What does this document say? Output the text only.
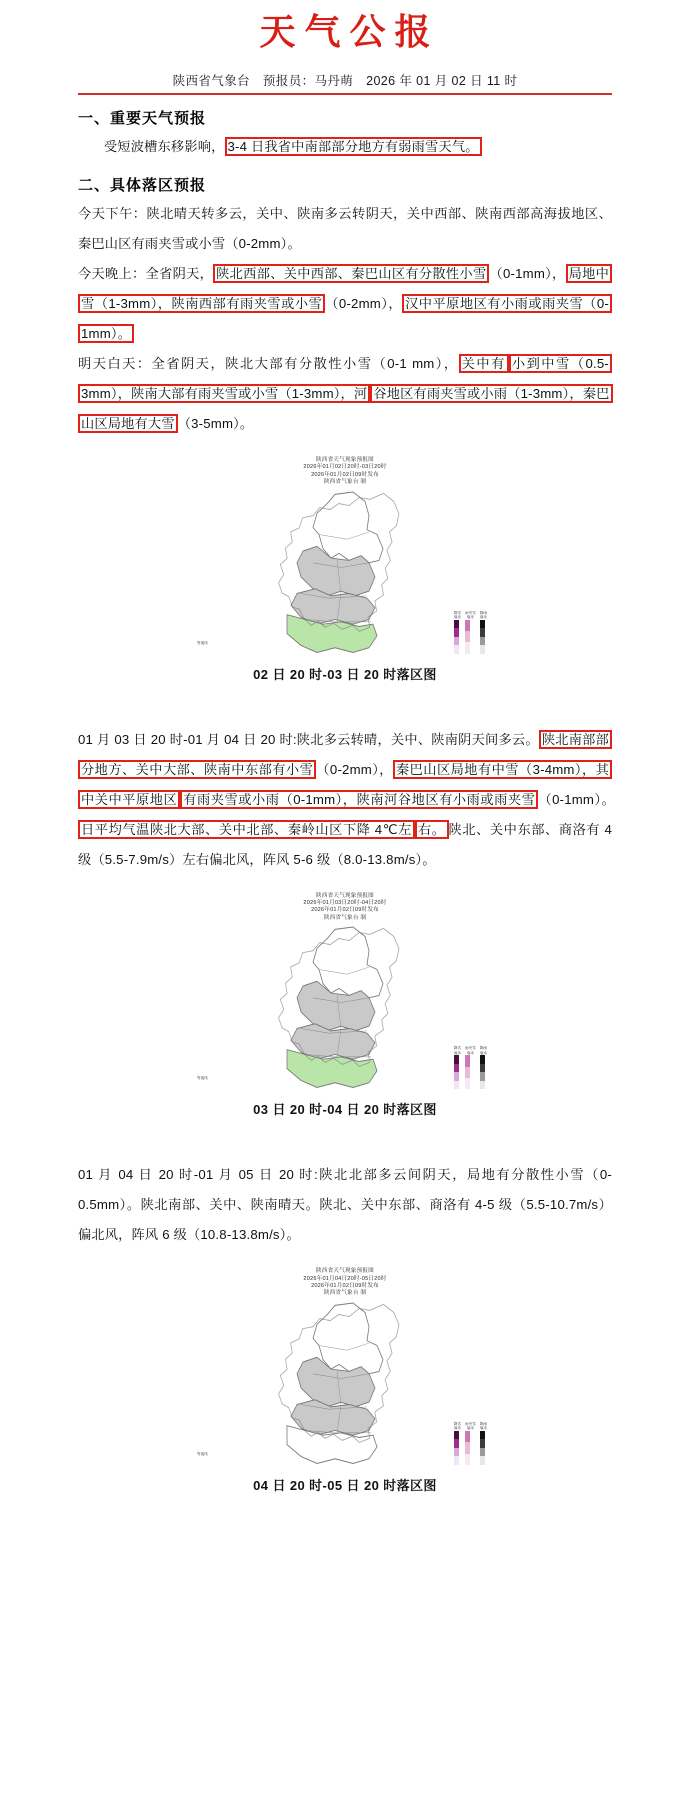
天气公报
陕西省气象台　预报员：马丹萌　2026 年 01 月 02 日 11 时
一、重要天气预报

受短波槽东移影响， 3-4 日我省中南部部分地方有弱雨雪天气。

二、具体落区预报

今天下午：陕北晴天转多云，关中、陕南多云转阴天，关中西部、陕南西部高海拔地区、秦巴山区有雨夹雪或小雪（0-2mm）。

今天晚上：全省阴天， 陕北西部、关中西部、秦巴山区有分散性小雪 （0-1mm）， 局地中雪（1-3mm），陕南西部有雨夹雪或小雪 （0-2mm）， 汉中平原地区有小雨或雨夹雪（0-1mm）。

明天白天：全省阴天，陕北大部有分散性小雪（0-1 mm）， 关中有 小到中雪（0.5-3mm），陕南大部有雨夹雪或小雪（1-3mm），河 谷地区有雨夹雪或小雨（1-3mm），秦巴山区局地有大雪 （3-5mm）。

陕西省天气现象预报图
2026年01月02日20时-03日20时
2026年01月02日09时发布
陕西省气象台 制
降雪
毫米
雨夹雪
毫米
降雨
毫米
等值线
02 日 20 时-03 日 20 时落区图

01 月 03 日 20 时-01 月 04 日 20 时:陕北多云转晴，关中、陕南阴天间多云。 陕北南部部分地方、关中大部、陕南中东部有小雪 （0-2mm）， 秦巴山区局地有中雪（3-4mm），其中关中平原地区 有雨夹雪或小雨（0-1mm），陕南河谷地区有小雨或雨夹雪 （0-1mm）。日平均气温陕北大部、关中北部、秦岭山区下降 4℃左 右。 陕北、关中东部、商洛有 4 级（5.5-7.9m/s）左右偏北风，阵风 5-6 级（8.0-13.8m/s）。

陕西省天气现象预报图
2026年01月03日20时-04日20时
2026年01月02日09时发布
陕西省气象台 制
降雪
毫米
雨夹雪
毫米
降雨
毫米
等值线
03 日 20 时-04 日 20 时落区图

01 月 04 日 20 时-01 月 05 日 20 时:陕北北部多云间阴天，局地有分散性小雪（0-0.5mm）。陕北南部、关中、陕南晴天。陕北、关中东部、商洛有 4-5 级（5.5-10.7m/s）偏北风，阵风 6 级（10.8-13.8m/s）。

陕西省天气现象预报图
2026年01月04日20时-05日20时
2026年01月02日09时发布
陕西省气象台 制
降雪
毫米
雨夹雪
毫米
降雨
毫米
等值线
04 日 20 时-05 日 20 时落区图
